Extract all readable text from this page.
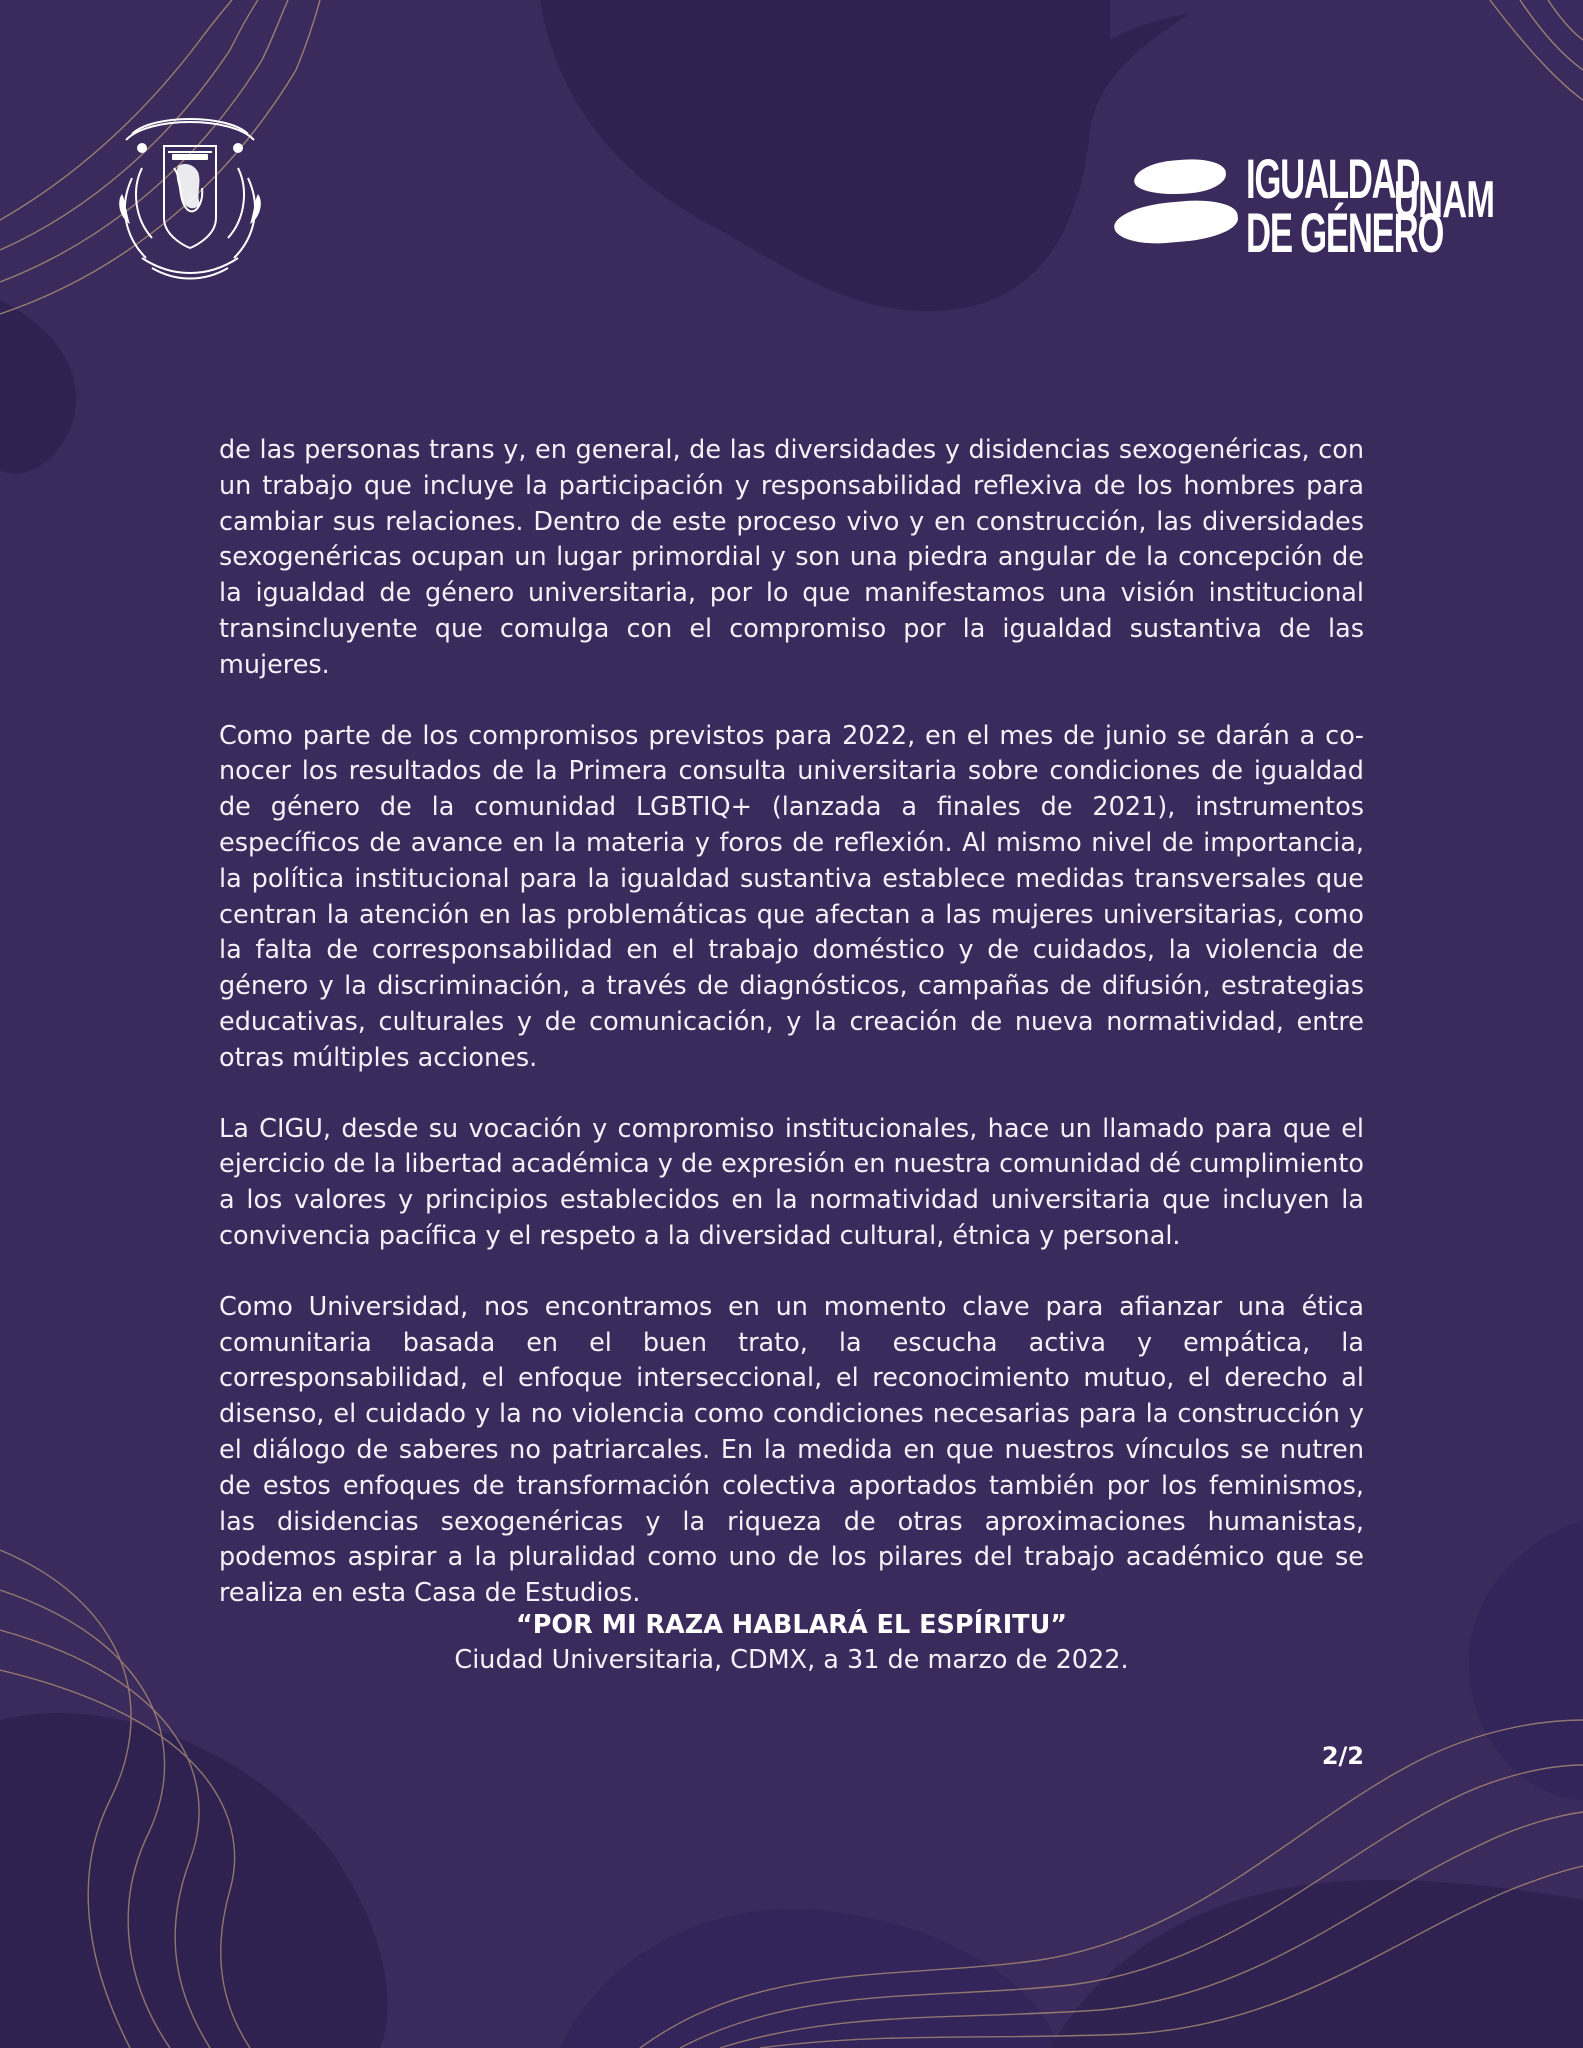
IGUALDAD
DE GÉNERO
UNAM

de las personas trans y, en general, de las diversidades y disidencias sexogenéricas, con un trabajo que incluye la participación y responsabilidad reflexiva de los hombres para cambiar sus relaciones. Dentro de este proceso vivo y en construcción, las diversidades sexogenéricas ocupan un lugar primordial y son una piedra angular de la concepción de la igualdad de género universitaria, por lo que manifestamos una visión institucional transincluyente que comulga con el compromiso por la igualdad sustantiva de las mujeres.

Como parte de los compromisos previstos para 2022, en el mes de junio se darán a conocer los resultados de la Primera consulta universitaria sobre condiciones de igualdad de género de la comunidad LGBTIQ+ (lanzada a finales de 2021), instrumentos específicos de avance en la materia y foros de reflexión. Al mismo nivel de importancia, la política institucional para la igualdad sustantiva establece medidas transversales que centran la atención en las problemáticas que afectan a las mujeres universitarias, como la falta de corresponsabilidad en el trabajo doméstico y de cuidados, la violencia de género y la discriminación, a través de diagnósticos, campañas de difusión, estrategias educativas, culturales y de comunicación, y la creación de nueva normatividad, entre otras múltiples acciones.

La CIGU, desde su vocación y compromiso institucionales, hace un llamado para que el ejercicio de la libertad académica y de expresión en nuestra comunidad dé cumplimiento a los valores y principios establecidos en la normatividad universitaria que incluyen la convivencia pacífica y el respeto a la diversidad cultural, étnica y personal.

Como Universidad, nos encontramos en un momento clave para afianzar una ética comunitaria basada en el buen trato, la escucha activa y empática, la corresponsabilidad, el enfoque interseccional, el reconocimiento mutuo, el derecho al disenso, el cuidado y la no violencia como condiciones necesarias para la construcción y el diálogo de saberes no patriarcales. En la medida en que nuestros vínculos se nutren de estos enfoques de transformación colectiva aportados también por los feminismos, las disidencias sexogenéricas y la riqueza de otras aproximaciones humanistas, podemos aspirar a la pluralidad como uno de los pilares del trabajo académico que se realiza en esta Casa de Estudios.

“POR MI RAZA HABLARÁ EL ESPÍRITU”
Ciudad Universitaria, CDMX, a 31 de marzo de 2022.
2/2
